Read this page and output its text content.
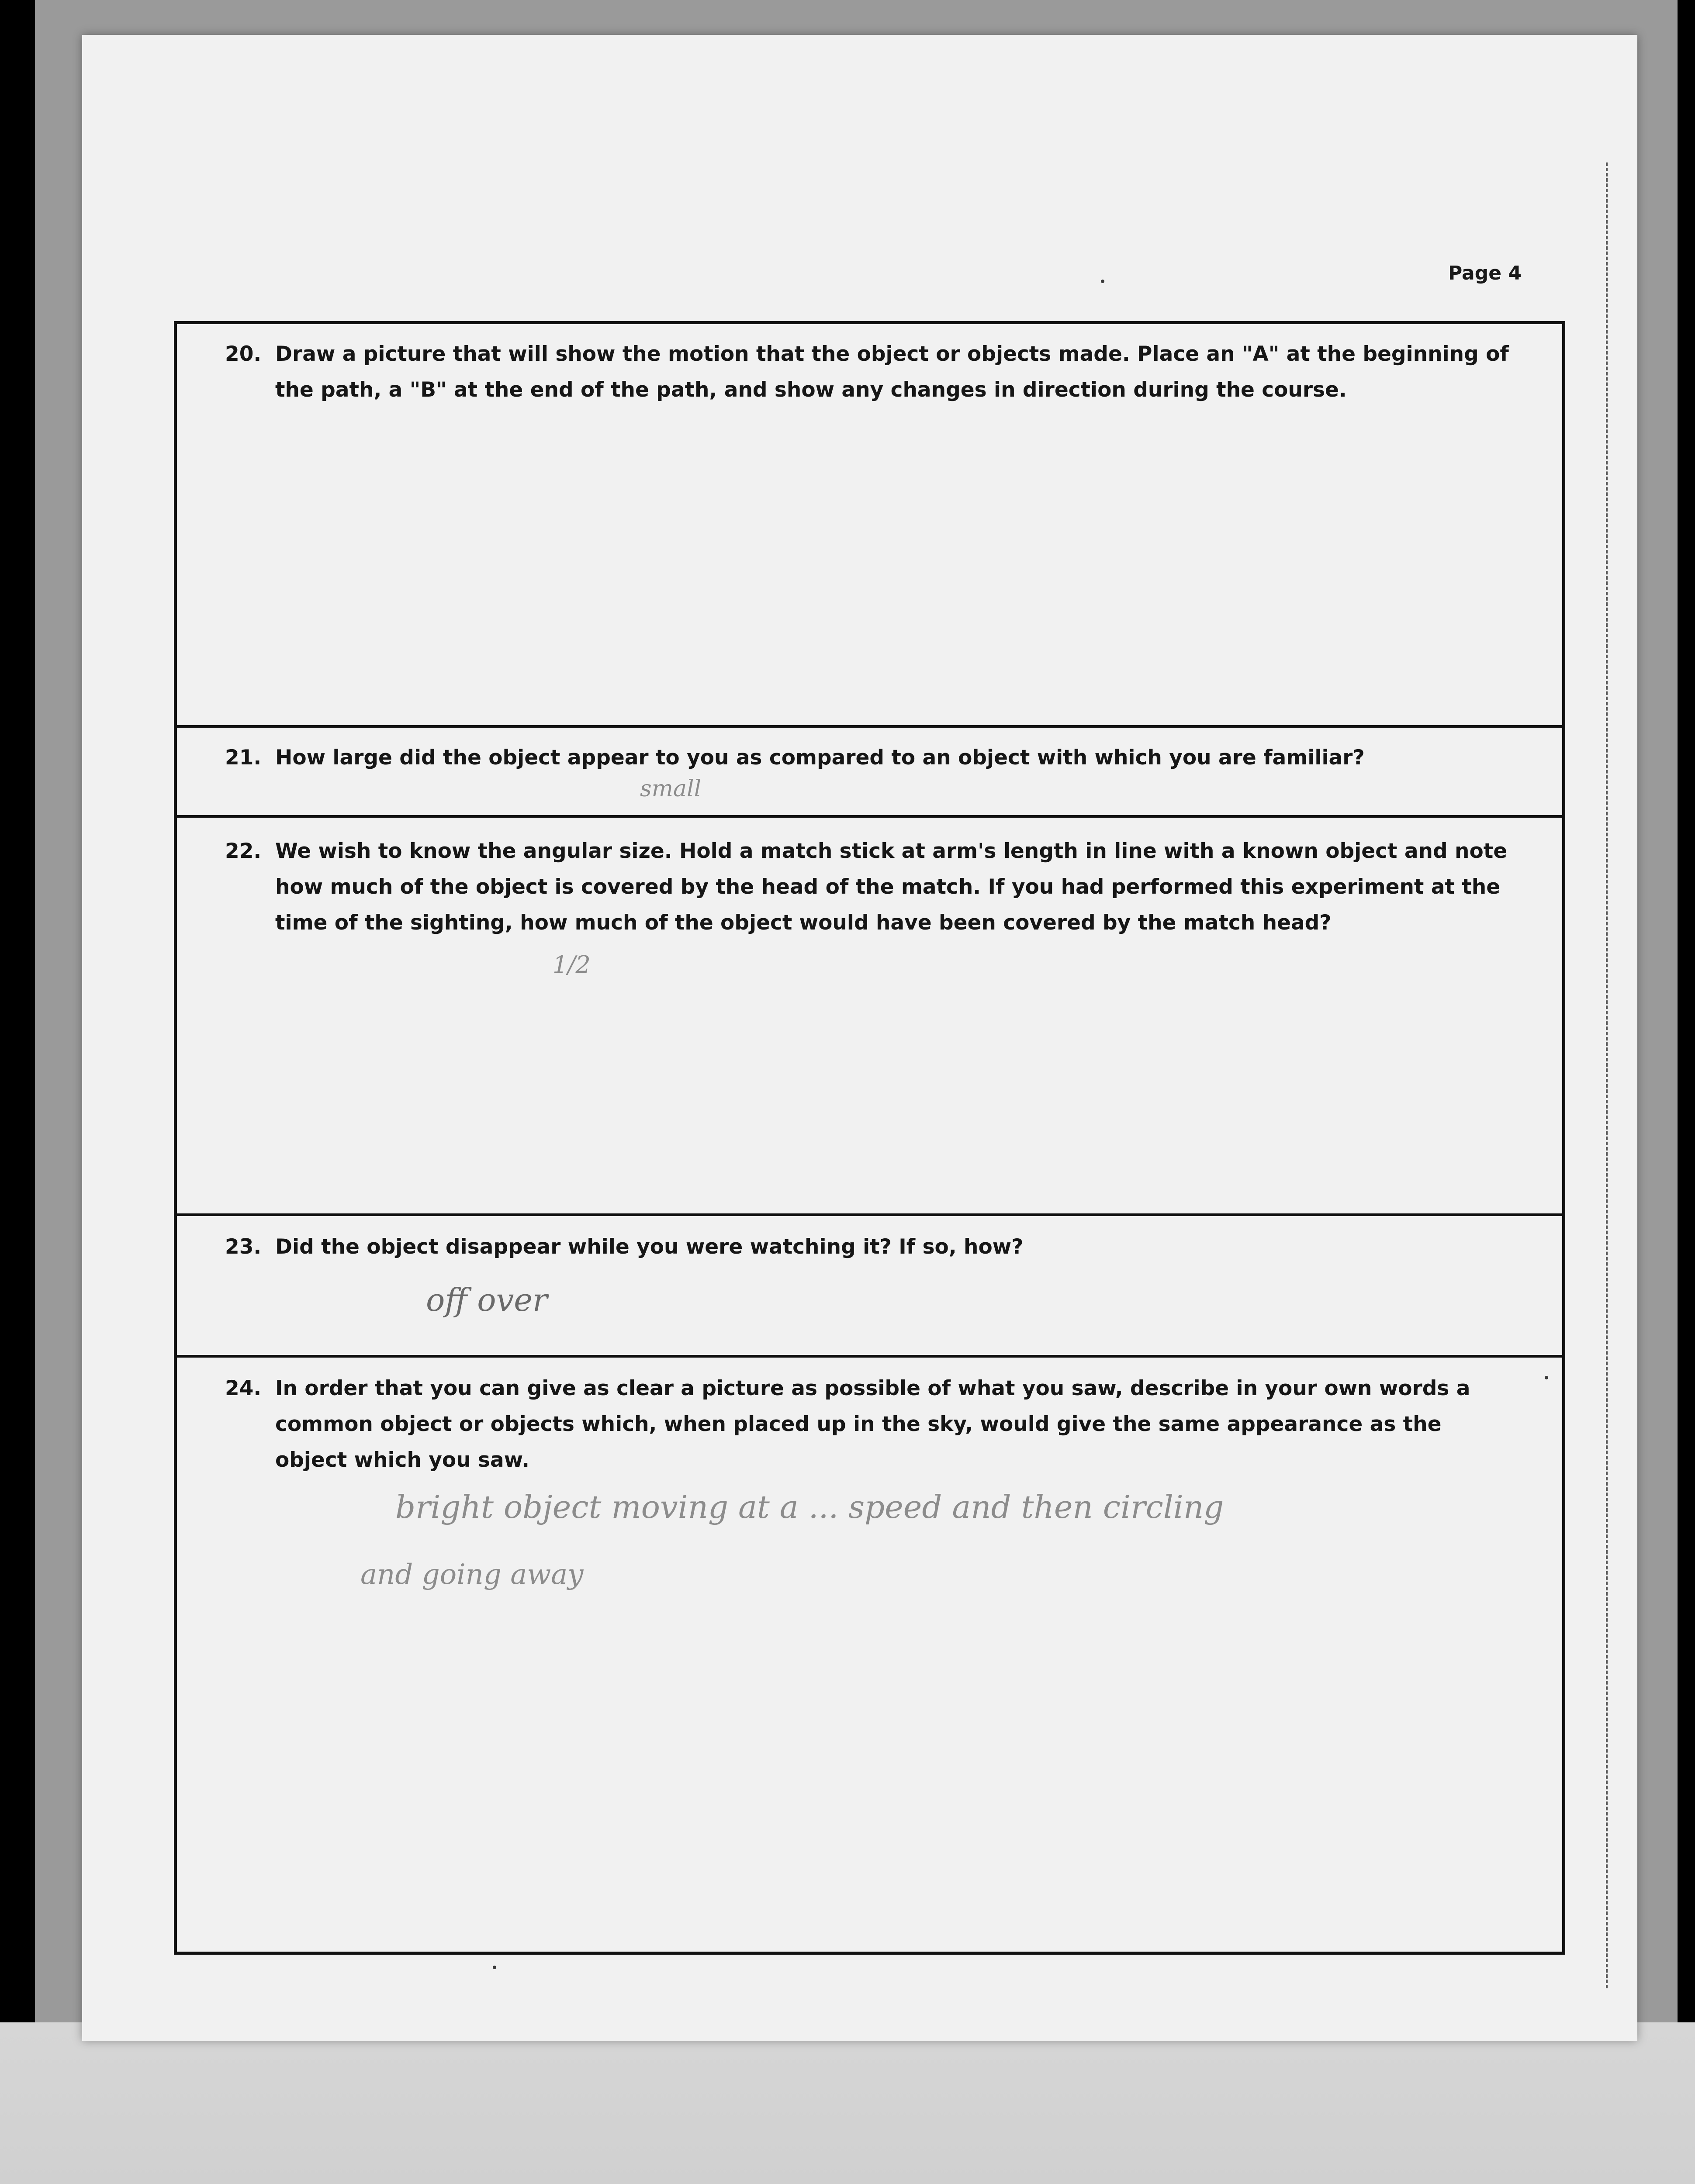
Page 4
20. Draw a picture that will show the motion that the object or objects made. Place an "A" at the beginning of the path, a "B" at the end of the path, and show any changes in direction during the course.
21. How large did the object appear to you as compared to an object with which you are familiar?
small
22. We wish to know the angular size. Hold a match stick at arm's length in line with a known object and note how much of the object is covered by the head of the match. If you had performed this experiment at the time of the sighting, how much of the object would have been covered by the match head?
1/2
23. Did the object disappear while you were watching it? If so, how?
off over
24. In order that you can give as clear a picture as possible of what you saw, describe in your own words a common object or objects which, when placed up in the sky, would give the same appearance as the object which you saw.
bright object moving at a ... speed and then circling
and going away
